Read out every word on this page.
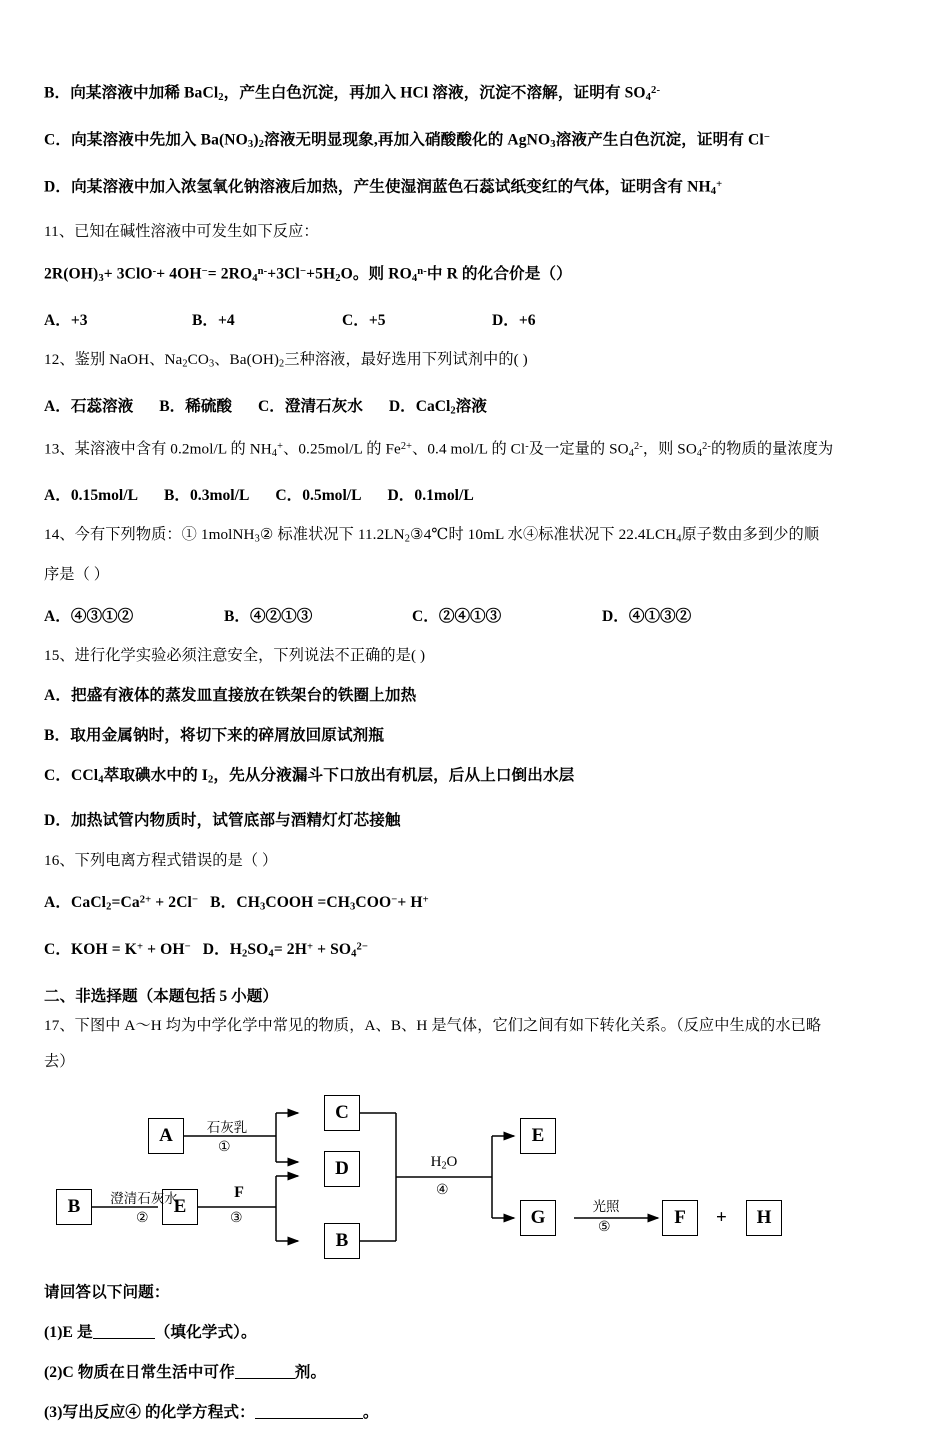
B．向某溶液中加稀 BaCl$_2$，产生白色沉淀，再加入 HCl 溶液，沉淀不溶解，证明有 $SO_4^{2-}$
C．向某溶液中先加入 $Ba(NO_3)_2$溶液无明显现象,再加入硝酸酸化的 AgNO$_3$溶液产生白色沉淀，证明有 Cl−
D．向某溶液中加入浓氢氧化钠溶液后加热，产生使湿润蓝色石蕊试纸变红的气体，证明含有 $NH_4^+$
11、已知在碱性溶液中可发生如下反应：
$2R(OH)_3+ 3ClO^-+ 4OH^-= 2RO_4^{n-}+3Cl^-+5H_2O$。则 $RO_4^{n-}$中 R 的化合价是（）
A．+3	B．+4	C．+5	D．+6
12、鉴别 NaOH、$Na_2CO_3$、$Ba(OH)_2$三种溶液，最好选用下列试剂中的( )
A．石蕊溶液 B．稀硫酸 C．澄清石灰水 D．CaCl$_2$溶液
13、某溶液中含有 0.2mol/L 的 $NH_4^+$、0.25mol/L 的 $Fe^{2+}$、0.4 mol/L 的 Cl-及一定量的 $SO_4^{2-}$，则 $SO_4^{2-}$的物质的量浓度为
A．0.15mol/L B．0.3mol/L C．0.5mol/L D．0.1mol/L
14、今有下列物质：① 1molNH$_3$② 标准状况下 $11.2LN_2③4℃$时 10mL 水④标准状况下 $22.4LCH_4$原子数由多到少的顺
序是（ ）
A．④③①②	B．④②①③	C．②④①③	D．④①③②
15、进行化学实验必须注意安全，下列说法不正确的是( )
A．把盛有液体的蒸发皿直接放在铁架台的铁圈上加热
B．取用金属钠时，将切下来的碎屑放回原试剂瓶
C．CCl$_4$萃取碘水中的 $I_2$，先从分液漏斗下口放出有机层，后从上口倒出水层
D．加热试管内物质时，试管底部与酒精灯灯芯接触
16、下列电离方程式错误的是（ ）
A．$CaCl_2=Ca^{2+} + 2Cl^-$ B．$CH_3COOH =CH_3COO^-+ H^+$
C．KOH = K+ + OH− D．$H_2SO_4= 2H^+ + SO_4^{2-}$
二、非选择题（本题包括 5 小题）
17、下图中 A～H 均为中学化学中常见的物质，A、B、H 是气体，它们之间有如下转化关系。（反应中生成的水已略
去）
A
B	E
C
D
B
E
G	F + H
石灰乳
①
澄清石灰水
②
F
③
$H_2O$
④
光照
⑤
请回答以下问题：
(1)E 是	（填化学式）。
(2)C 物质在日常生活中可作	剂。
(3)写出反应④ 的化学方程式：	。
